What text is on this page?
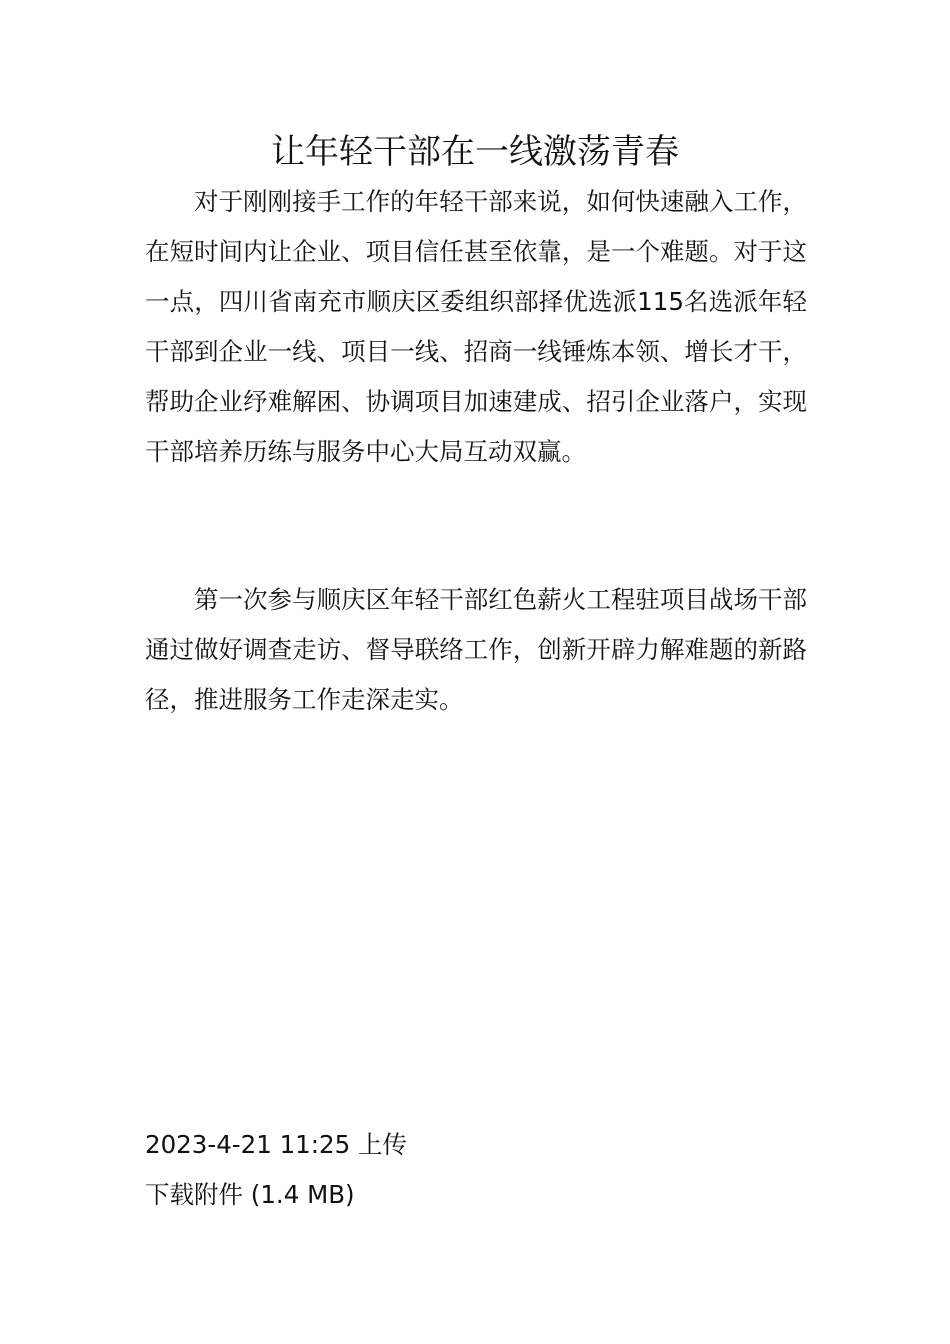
让年轻干部在一线激荡青春

对于刚刚接手工作的年轻干部来说，如何快速融入工作，在短时间内让企业、项目信任甚至依靠，是一个难题。对于这一点，四川省南充市顺庆区委组织部择优选派115名选派年轻干部到企业一线、项目一线、招商一线锤炼本领、增长才干，帮助企业纾难解困、协调项目加速建成、招引企业落户，实现干部培养历练与服务中心大局互动双赢。

第一次参与顺庆区年轻干部红色薪火工程驻项目战场干部通过做好调查走访、督导联络工作，创新开辟力解难题的新路径，推进服务工作走深走实。

2023-4-21 11:25 上传

下载附件 (1.4 MB)
